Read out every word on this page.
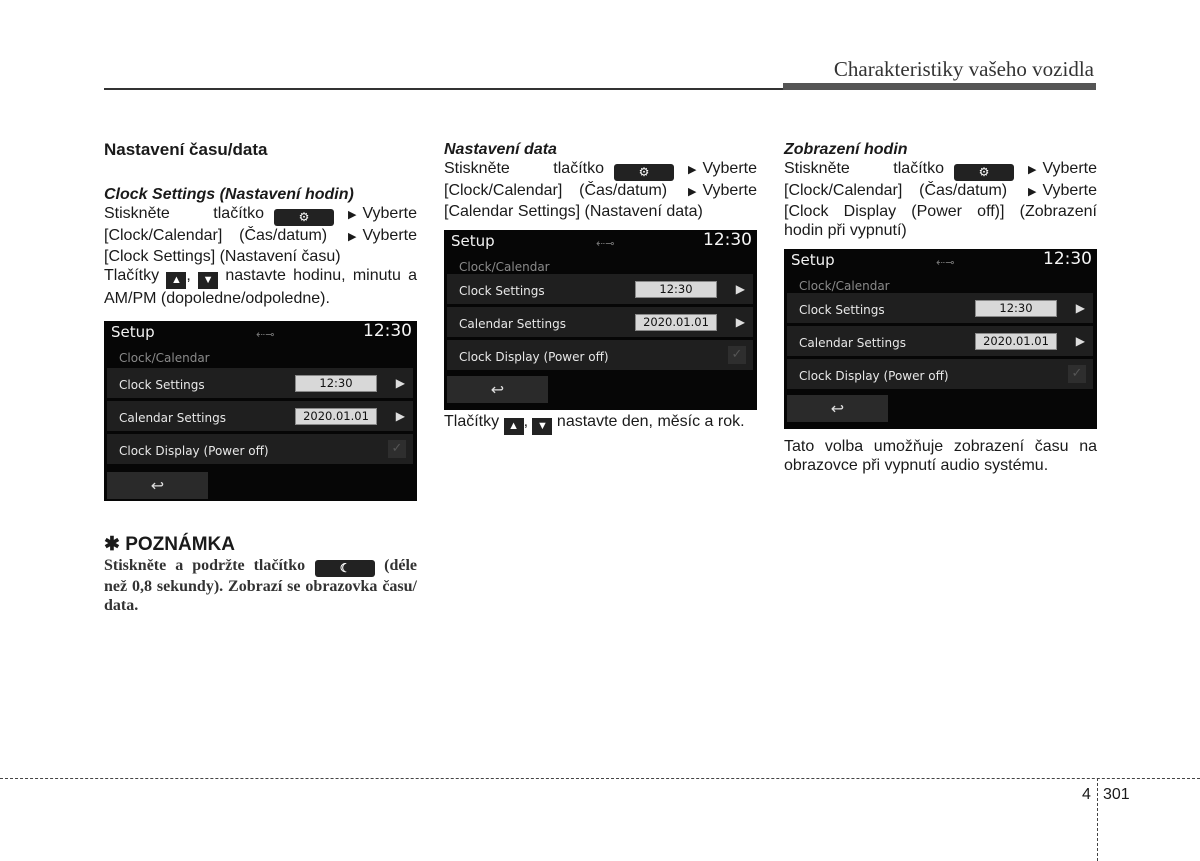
Charakteristiky vašeho vozidla

Nastavení času/data

Clock Settings (Nastavení hodin)

Stiskněte tlačítko	⚙	▶ Vyberte [Clock/Calendar] (Čas/datum) ▶ Vyberte [Clock Settings] (Nastavení času)

Tlačítky ▲ , ▼ nastavte hodinu, minutu a AM/PM (dopoledne/odpoledne).

Setup	⇠⊸	12:30
Clock/Calendar
Clock Settings	12:30	▶
Calendar Settings	2020.01.01	▶
Clock Display (Power off)	✓
↩

✱ POZNÁMKA

Stiskněte a podržte tlačítko	☾ (déle než 0,8 sekundy). Zobrazí se obrazovka času/ data.

Nastavení data

Stiskněte tlačítko	⚙	▶ Vyberte [Clock/Calendar] (Čas/datum) ▶ Vyberte [Calendar Settings] (Nastavení data)

Setup	⇠⊸	12:30
Clock/Calendar
Clock Settings	12:30	▶
Calendar Settings	2020.01.01	▶
Clock Display (Power off)	✓
↩

Tlačítky ▲ , ▼ nastavte den, měsíc a rok.

Zobrazení hodin

Stiskněte tlačítko	⚙	▶ Vyberte [Clock/Calendar] (Čas/datum) ▶ Vyberte [Clock Display (Power off)] (Zobrazení hodin při vypnutí)

Setup	⇠⊸	12:30
Clock/Calendar
Clock Settings	12:30	▶
Calendar Settings	2020.01.01	▶
Clock Display (Power off)	✓
↩

Tato volba umožňuje zobrazení času na obrazovce při vypnutí audio systému.

4 301
